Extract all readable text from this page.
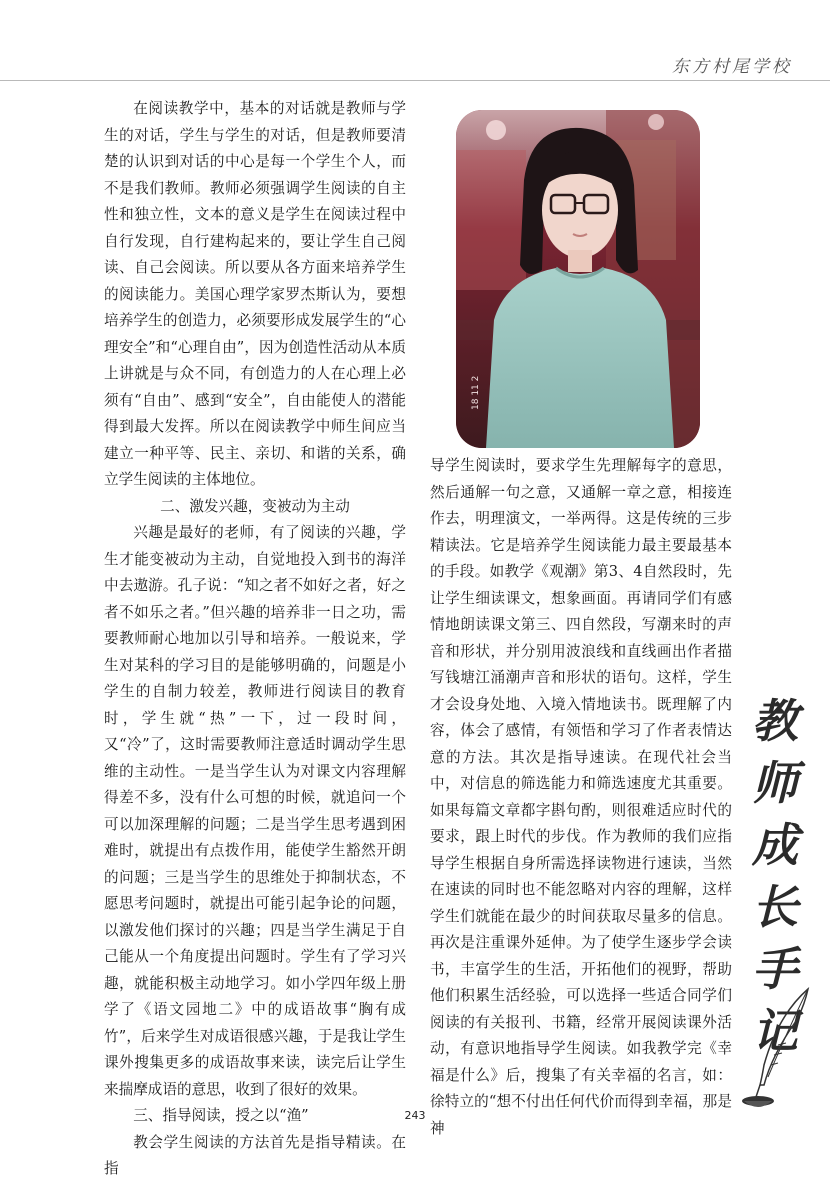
东方村尾学校

在阅读教学中，基本的对话就是教师与学生的对话，学生与学生的对话，但是教师要清楚的认识到对话的中心是每一个学生个人，而不是我们教师。教师必须强调学生阅读的自主性和独立性，文本的意义是学生在阅读过程中自行发现，自行建构起来的，要让学生自己阅读、自己会阅读。所以要从各方面来培养学生的阅读能力。美国心理学家罗杰斯认为，要想培养学生的创造力，必须要形成发展学生的“心理安全”和“心理自由”，因为创造性活动从本质上讲就是与众不同，有创造力的人在心理上必须有“自由”、感到“安全”，自由能使人的潜能得到最大发挥。所以在阅读教学中师生间应当建立一种平等、民主、亲切、和谐的关系，确立学生阅读的主体地位。

二、激发兴趣，变被动为主动

兴趣是最好的老师，有了阅读的兴趣，学生才能变被动为主动，自觉地投入到书的海洋中去遨游。孔子说：“知之者不如好之者，好之者不如乐之者。”但兴趣的培养非一日之功，需要教师耐心地加以引导和培养。一般说来，学生对某科的学习目的是能够明确的，问题是小学生的自制力较差，教师进行阅读目的教育时，学生就“热”一下，过一段时间，又“冷”了，这时需要教师注意适时调动学生思维的主动性。一是当学生认为对课文内容理解得差不多，没有什么可想的时候，就追问一个可以加深理解的问题；二是当学生思考遇到困难时，就提出有点拨作用，能使学生豁然开朗的问题；三是当学生的思维处于抑制状态，不愿思考问题时，就提出可能引起争论的问题，以激发他们探讨的兴趣；四是当学生满足于自己能从一个角度提出问题时。学生有了学习兴趣，就能积极主动地学习。如小学四年级上册学了《语文园地二》中的成语故事“胸有成竹”，后来学生对成语很感兴趣，于是我让学生课外搜集更多的成语故事来读，读完后让学生来揣摩成语的意思，收到了很好的效果。

三、指导阅读，授之以“渔”

教会学生阅读的方法首先是指导精读。在指

18 11 2

导学生阅读时，要求学生先理解每字的意思，然后通解一句之意，又通解一章之意，相接连作去，明理演文，一举两得。这是传统的三步精读法。它是培养学生阅读能力最主要最基本的手段。如教学《观潮》第3、4自然段时，先让学生细读课文，想象画面。再请同学们有感情地朗读课文第三、四自然段，写潮来时的声音和形状，并分别用波浪线和直线画出作者描写钱塘江涌潮声音和形状的语句。这样，学生才会设身处地、入境入情地读书。既理解了内容，体会了感情，有领悟和学习了作者表情达意的方法。其次是指导速读。在现代社会当中，对信息的筛选能力和筛选速度尤其重要。如果每篇文章都字斟句酌，则很难适应时代的要求，跟上时代的步伐。作为教师的我们应指导学生根据自身所需选择读物进行速读，当然在速读的同时也不能忽略对内容的理解，这样学生们就能在最少的时间获取尽量多的信息。再次是注重课外延伸。为了使学生逐步学会读书，丰富学生的生活，开拓他们的视野，帮助他们积累生活经验，可以选择一些适合同学们阅读的有关报刊、书籍，经常开展阅读课外活动，有意识地指导学生阅读。如我教学完《幸福是什么》后，搜集了有关幸福的名言，如：徐特立的“想不付出任何代价而得到幸福，那是神

教
师
成
长
手
记
243
